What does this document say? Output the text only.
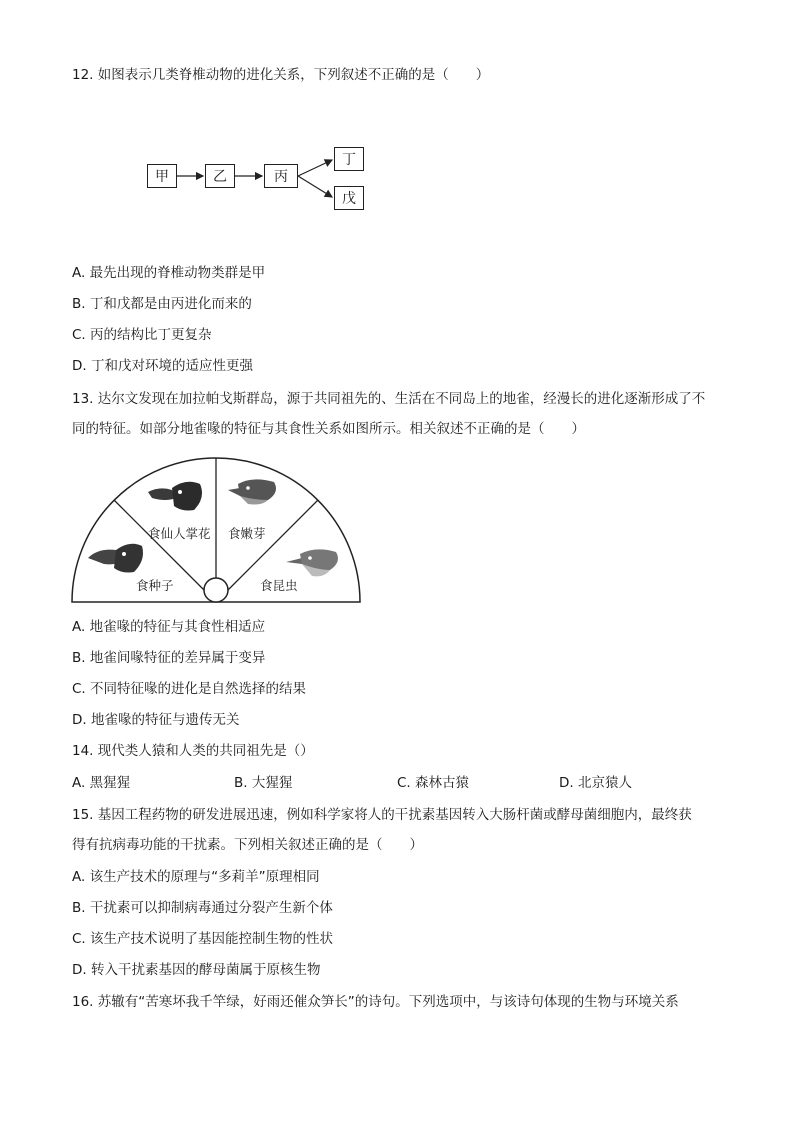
12. 如图表示几类脊椎动物的进化关系，下列叙述不正确的是（　　）
甲	乙	丙
丁
戊
A. 最先出现的脊椎动物类群是甲
B. 丁和戊都是由丙进化而来的
C. 丙的结构比丁更复杂
D. 丁和戊对环境的适应性更强
13. 达尔文发现在加拉帕戈斯群岛，源于共同祖先的、生活在不同岛上的地雀，经漫长的进化逐渐形成了不
同的特征。如部分地雀喙的特征与其食性关系如图所示。相关叙述不正确的是（　　）
食种子
食仙人掌花 食嫩芽
食昆虫
A. 地雀喙的特征与其食性相适应
B. 地雀间喙特征的差异属于变异
C. 不同特征喙的进化是自然选择的结果
D. 地雀喙的特征与遗传无关
14. 现代类人猿和人类的共同祖先是（）
A. 黑猩猩	B. 大猩猩	C. 森林古猿	D. 北京猿人
15. 基因工程药物的研发进展迅速，例如科学家将人的干扰素基因转入大肠杆菌或酵母菌细胞内，最终获
得有抗病毒功能的干扰素。下列相关叙述正确的是（　　）
A. 该生产技术的原理与“多莉羊”原理相同
B. 干扰素可以抑制病毒通过分裂产生新个体
C. 该生产技术说明了基因能控制生物的性状
D. 转入干扰素基因的酵母菌属于原核生物
16. 苏辙有“苦寒坏我千竿绿，好雨还催众笋长”的诗句。下列选项中，与该诗句体现的生物与环境关系
